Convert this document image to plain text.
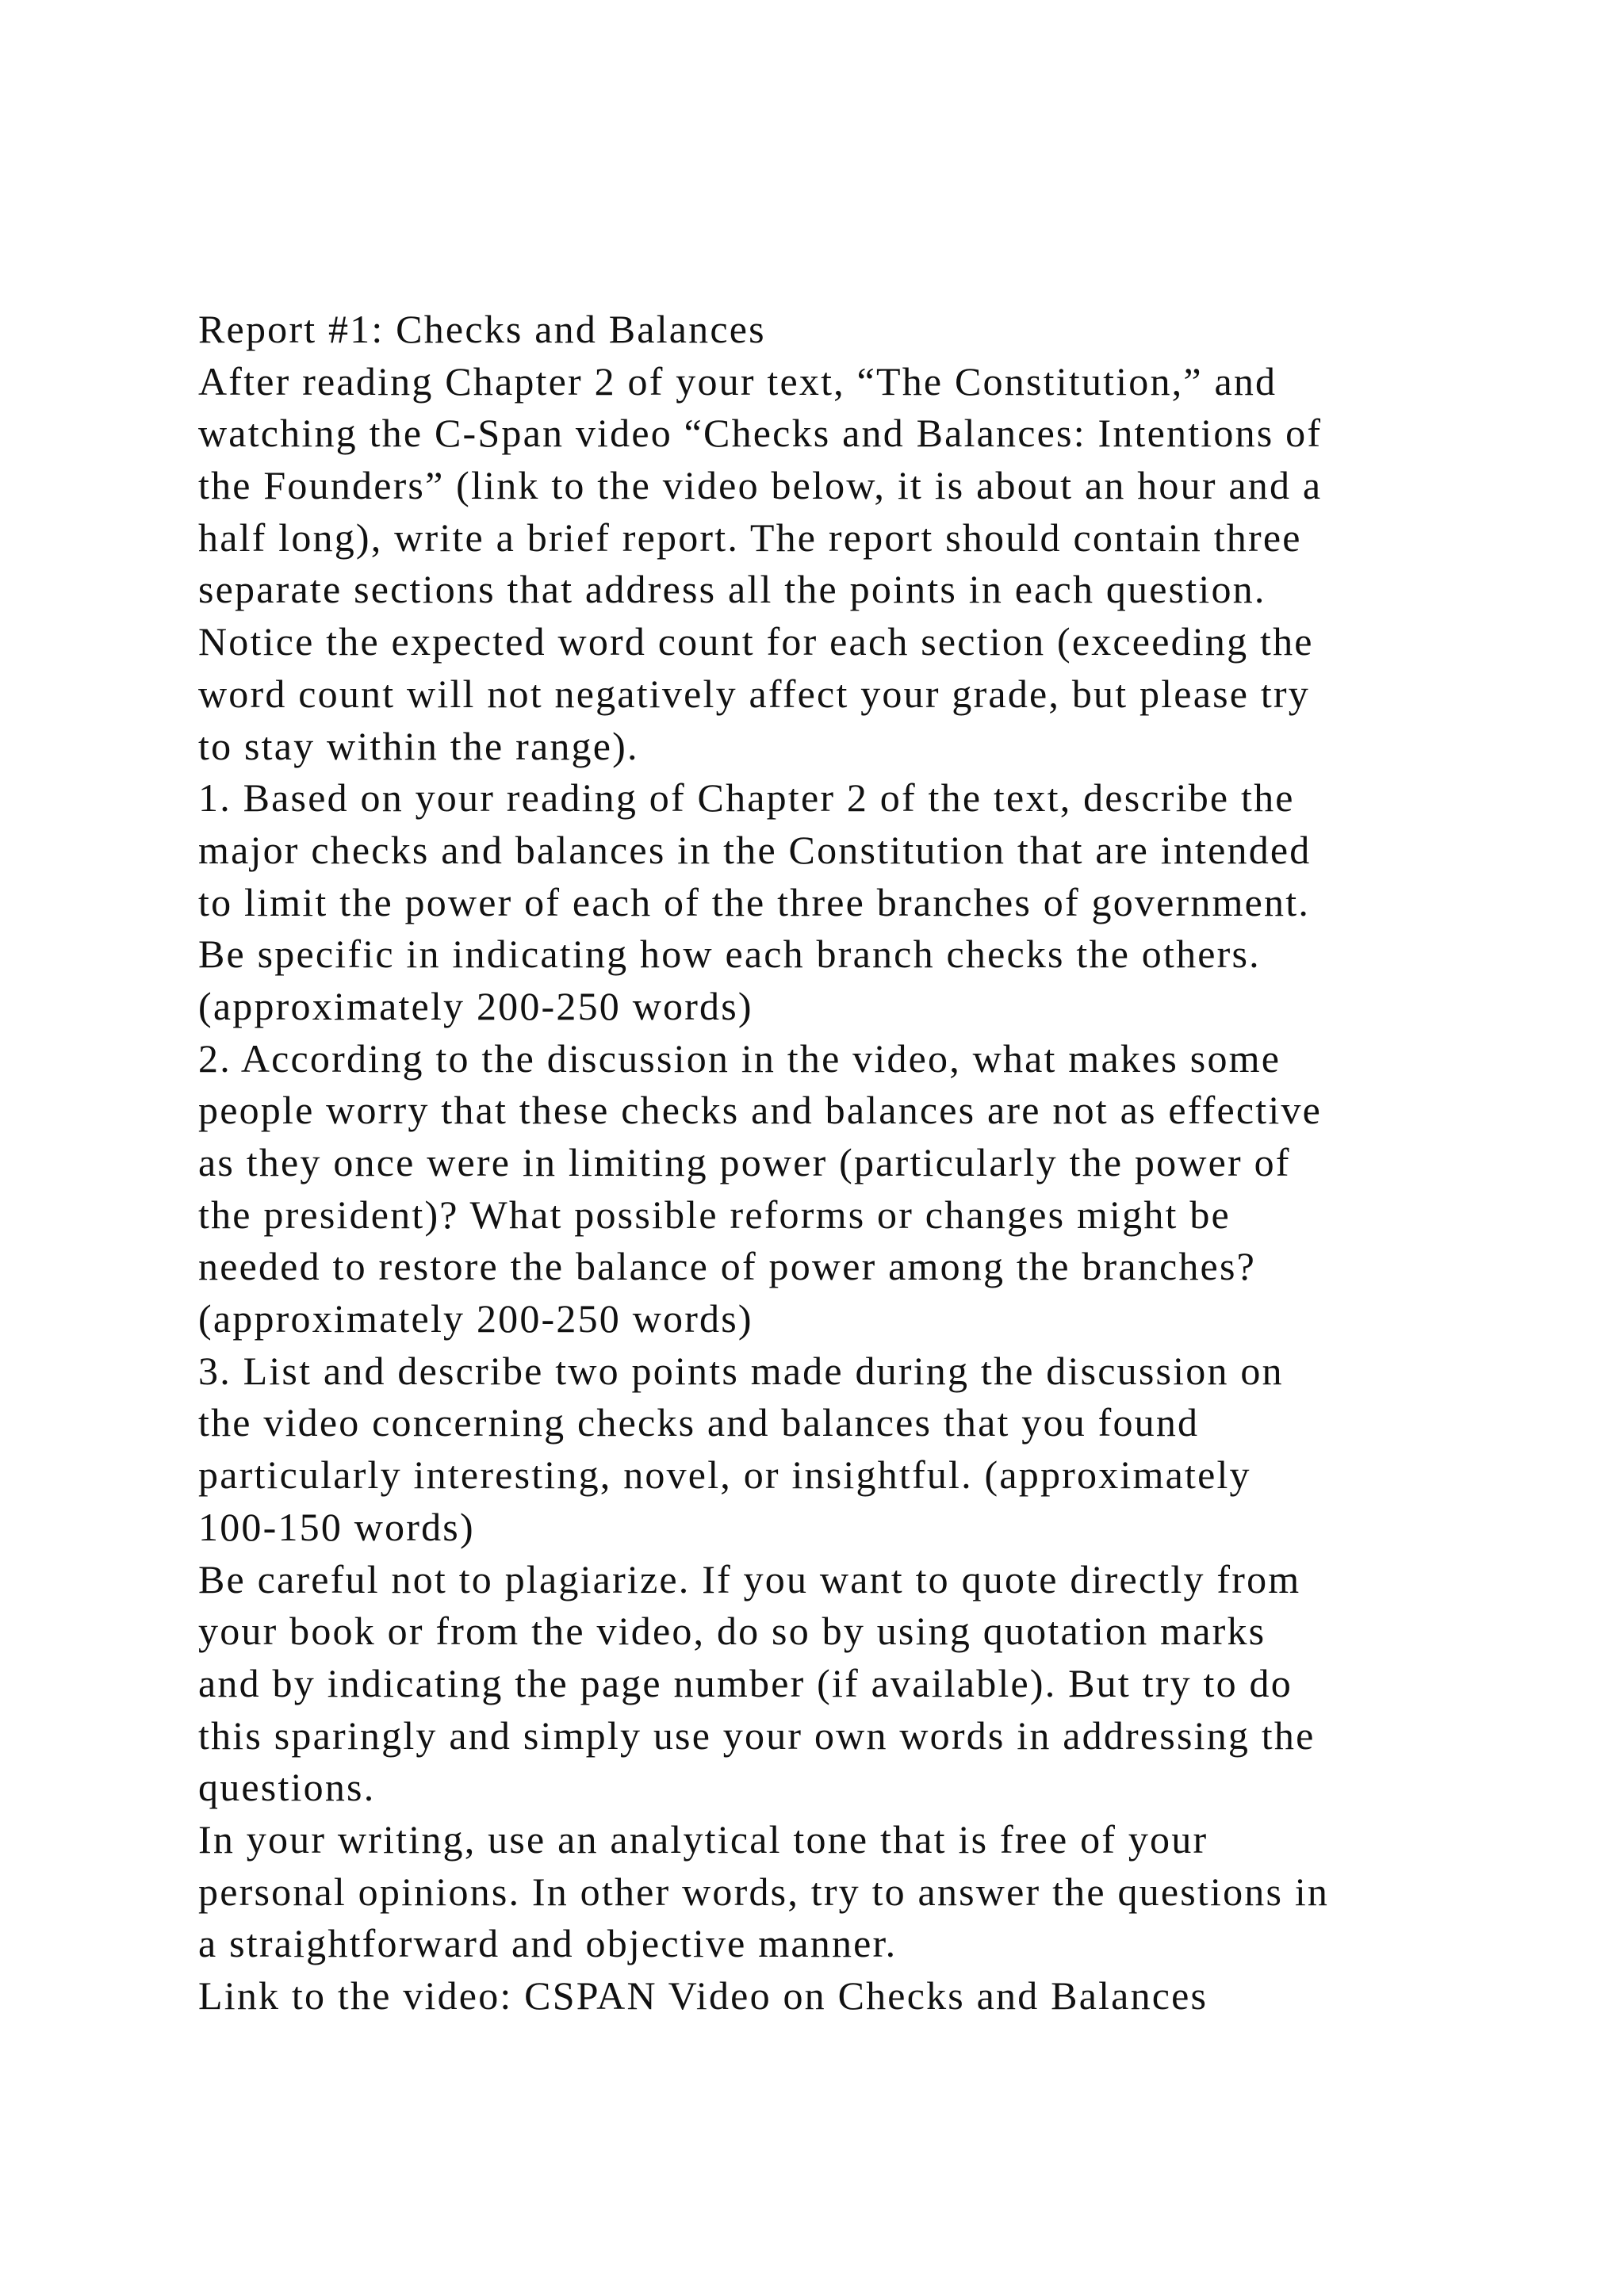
Report #1: Checks and Balances
After reading Chapter 2 of your text, “The Constitution,” and
watching the C-Span video “Checks and Balances: Intentions of
the Founders” (link to the video below, it is about an hour and a
half long), write a brief report. The report should contain three
separate sections that address all the points in each question.
Notice the expected word count for each section (exceeding the
word count will not negatively affect your grade, but please try
to stay within the range).
1. Based on your reading of Chapter 2 of the text, describe the
major checks and balances in the Constitution that are intended
to limit the power of each of the three branches of government.
Be specific in indicating how each branch checks the others.
(approximately 200-250 words)
2. According to the discussion in the video, what makes some
people worry that these checks and balances are not as effective
as they once were in limiting power (particularly the power of
the president)? What possible reforms or changes might be
needed to restore the balance of power among the branches?
(approximately 200-250 words)
3. List and describe two points made during the discussion on
the video concerning checks and balances that you found
particularly interesting, novel, or insightful. (approximately
100-150 words)
Be careful not to plagiarize. If you want to quote directly from
your book or from the video, do so by using quotation marks
and by indicating the page number (if available). But try to do
this sparingly and simply use your own words in addressing the
questions.
In your writing, use an analytical tone that is free of your
personal opinions. In other words, try to answer the questions in
a straightforward and objective manner.
Link to the video: CSPAN Video on Checks and Balances
